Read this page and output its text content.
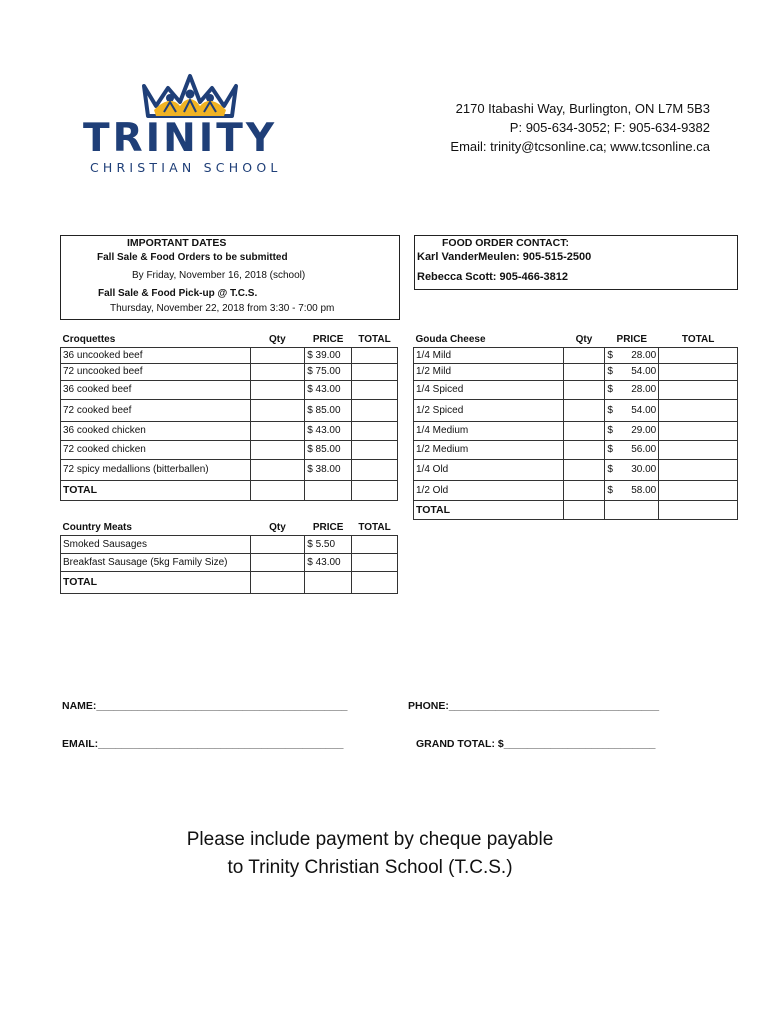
TRINITY
CHRISTIAN SCHOOL
2170 Itabashi Way, Burlington, ON L7M 5B3
P: 905-634-3052; F: 905-634-9382
Email: trinity@tcsonline.ca; www.tcsonline.ca
IMPORTANT DATES
Fall Sale & Food Orders to be submitted
By Friday, November 16, 2018 (school)
Fall Sale & Food Pick-up @ T.C.S.
Thursday, November 22, 2018 from 3:30 - 7:00 pm
FOOD ORDER CONTACT:
Karl VanderMeulen: 905-515-2500
Rebecca Scott: 905-466-3812
Croquettes	Qty	PRICE	TOTAL
36 uncooked beef		$ 39.00	
72 uncooked beef		$ 75.00	
36 cooked beef		$ 43.00	
72 cooked beef		$ 85.00	
36 cooked chicken		$ 43.00	
72 cooked chicken		$ 85.00	
72 spicy medallions (bitterballen)		$ 38.00	
TOTAL			
Country Meats	Qty	PRICE	TOTAL
Smoked Sausages		$ 5.50	
Breakfast Sausage (5kg Family Size)		$ 43.00	
TOTAL			
Gouda Cheese	Qty	PRICE	TOTAL
1/4 Mild		$ 28.00	

1/2 Mild		$ 54.00	

1/4 Spiced		$ 28.00	

1/2 Spiced		$ 54.00	

1/4 Medium		$ 29.00	

1/2 Medium		$ 56.00	

1/4 Old		$ 30.00	

1/2 Old		$ 58.00	

TOTAL			
NAME:___________________________________________	PHONE:____________________________________
EMAIL:__________________________________________	GRAND TOTAL: $__________________________
Please include payment by cheque payable
to Trinity Christian School (T.C.S.)
